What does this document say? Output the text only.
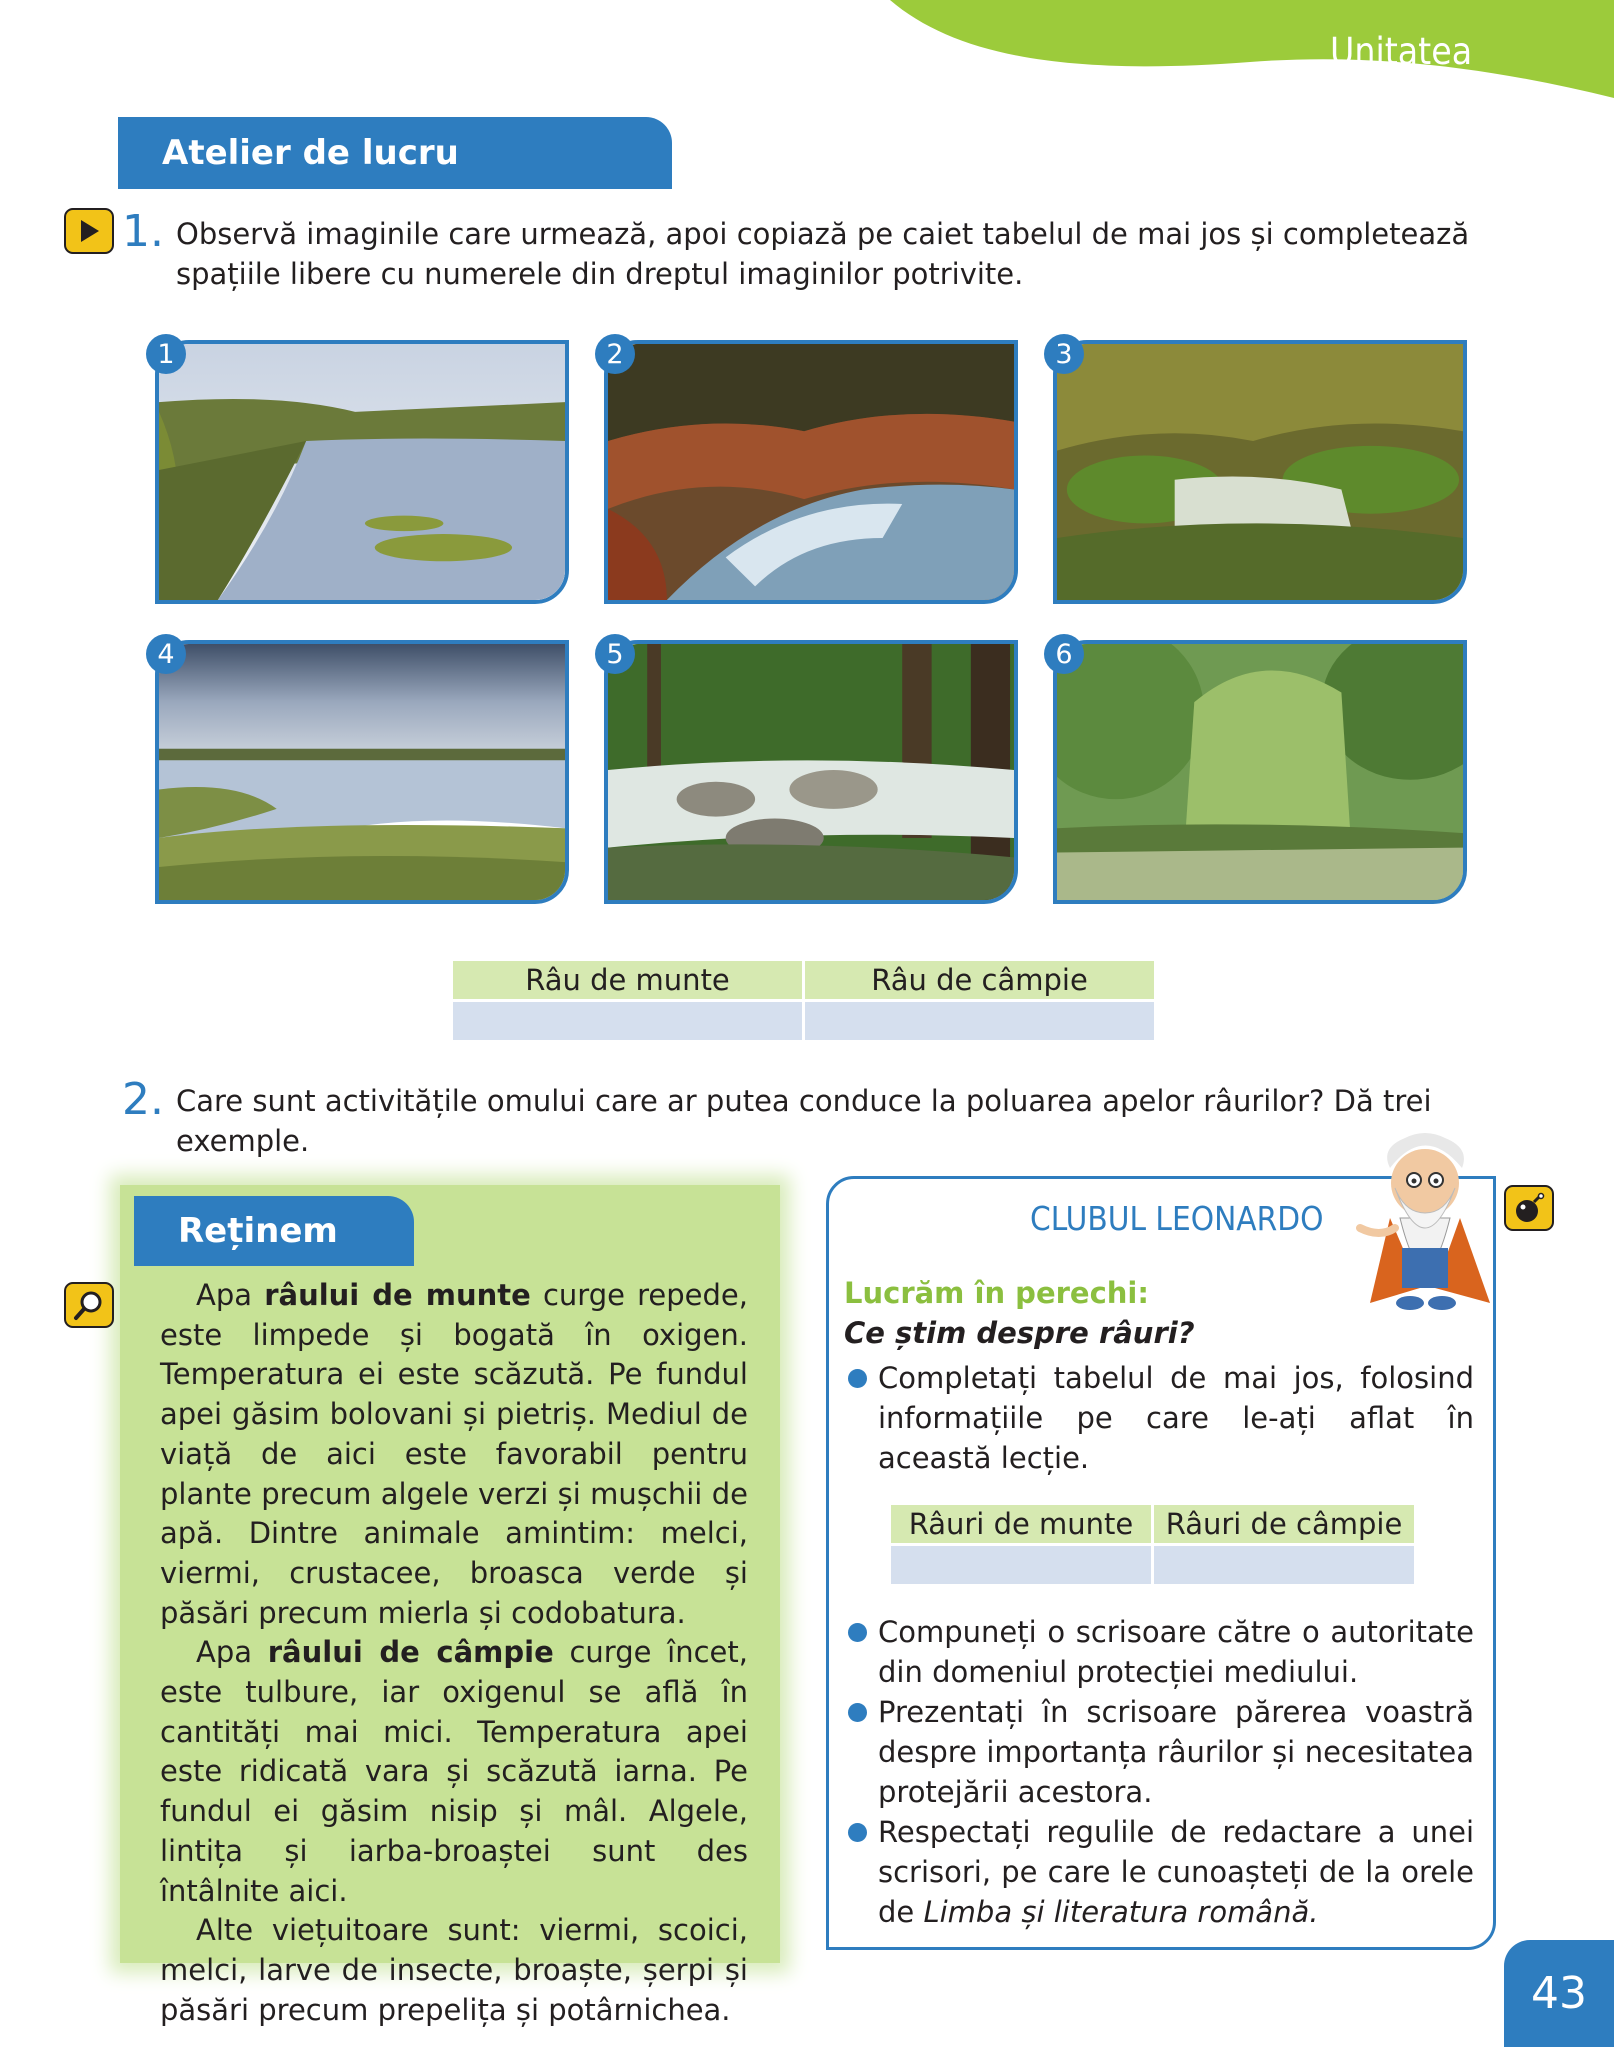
Unitatea 2
Atelier de lucru
1. Observă imaginile care urmează, apoi copiază pe caiet tabelul de mai jos și completează spațiile libere cu numerele din dreptul imaginilor potrivite.
1	2	3
4	5	6
Râu de munte	Râu de câmpie

2. Care sunt activitățile omului care ar putea conduce la poluarea apelor râurilor? Dă trei exemple.
Reținem

Apa râului de munte curge repede, este limpede și bogată în oxigen. Temperatura ei este scăzută. Pe fundul apei găsim bolovani și pietriș. Mediul de viață de aici este favorabil pentru plante precum algele verzi și mușchii de apă. Dintre animale amintim: melci, viermi, crustacee, broasca verde și păsări precum mierla și codobatura.

Apa râului de câmpie curge încet, este tulbure, iar oxigenul se află în cantități mai mici. Temperatura apei este ridicată vara și scăzută iarna. Pe fundul ei găsim nisip și mâl. Algele, lintița și iarba-broaștei sunt des întâlnite aici.

Alte viețuitoare sunt: viermi, scoici, melci, larve de insecte, broaște, șerpi și păsări precum prepelița și potârnichea.

CLUBUL LEONARDO
Lucrăm în perechi:
Ce știm despre râuri?
Completați tabelul de mai jos, folosind informațiile pe care le-ați aflat în această lecție.
Râuri de munte	Râuri de câmpie

Compuneți o scrisoare către o autoritate din domeniul protecției mediului.
Prezentați în scrisoare părerea voastră despre importanța râurilor și necesitatea protejării acestora.
Respectați regulile de redactare a unei scrisori, pe care le cunoașteți de la orele de Limba și literatura română.
43
